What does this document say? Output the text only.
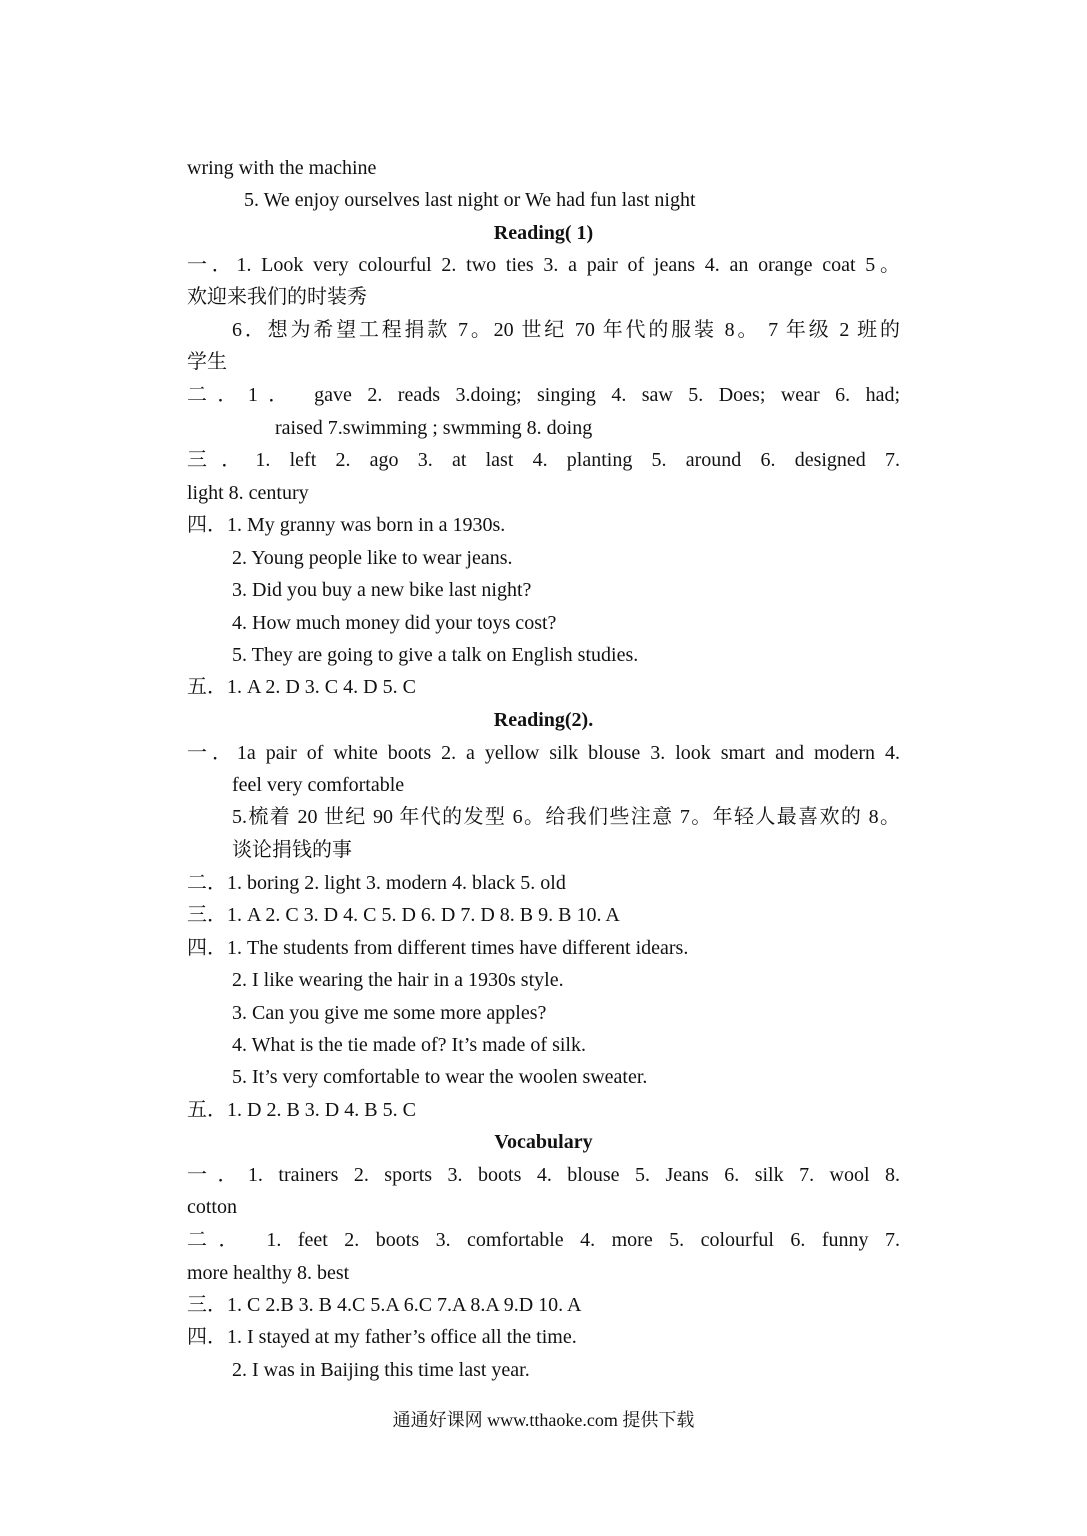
wring with the machine
5. We enjoy ourselves last night or We had fun last night
Reading( 1)
一．1. Look very colourful 2. two ties 3. a pair of jeans 4. an orange coat 5。
欢迎来我们的时装秀
6．想为希望工程捐款 7。20 世纪 70 年代的服装 8。 7 年级 2 班的
学生
二．1． gave 2. reads 3.doing; singing 4. saw 5. Does; wear 6. had;
raised 7.swimming ; swmming 8. doing
三．1. left 2. ago 3. at last 4. planting 5. around 6. designed 7.
light 8. century
四．1. My granny was born in a 1930s.
2. Young people like to wear jeans.
3. Did you buy a new bike last night?
4. How much money did your toys cost?
5. They are going to give a talk on English studies.
五．1. A 2. D 3. C 4. D 5. C
Reading(2).
一．1a pair of white boots 2. a yellow silk blouse 3. look smart and modern 4.
feel very comfortable
5.梳着 20 世纪 90 年代的发型 6。给我们些注意 7。年轻人最喜欢的 8。
谈论捐钱的事
二．1. boring 2. light 3. modern 4. black 5. old
三．1. A 2. C 3. D 4. C 5. D 6. D 7. D 8. B 9. B 10. A
四．1. The students from different times have different idears.
2. I like wearing the hair in a 1930s style.
3. Can you give me some more apples?
4. What is the tie made of? It’s made of silk.
5. It’s very comfortable to wear the woolen sweater.
五．1. D 2. B 3. D 4. B 5. C
Vocabulary
一．1. trainers 2. sports 3. boots 4. blouse 5. Jeans 6. silk 7. wool 8.
cotton
二． 1. feet 2. boots 3. comfortable 4. more 5. colourful 6. funny 7.
more healthy 8. best
三．1. C 2.B 3. B 4.C 5.A 6.C 7.A 8.A 9.D 10. A
四．1. I stayed at my father’s office all the time.
2. I was in Baijing this time last year.
通通好课网 www.tthaoke.com 提供下载
